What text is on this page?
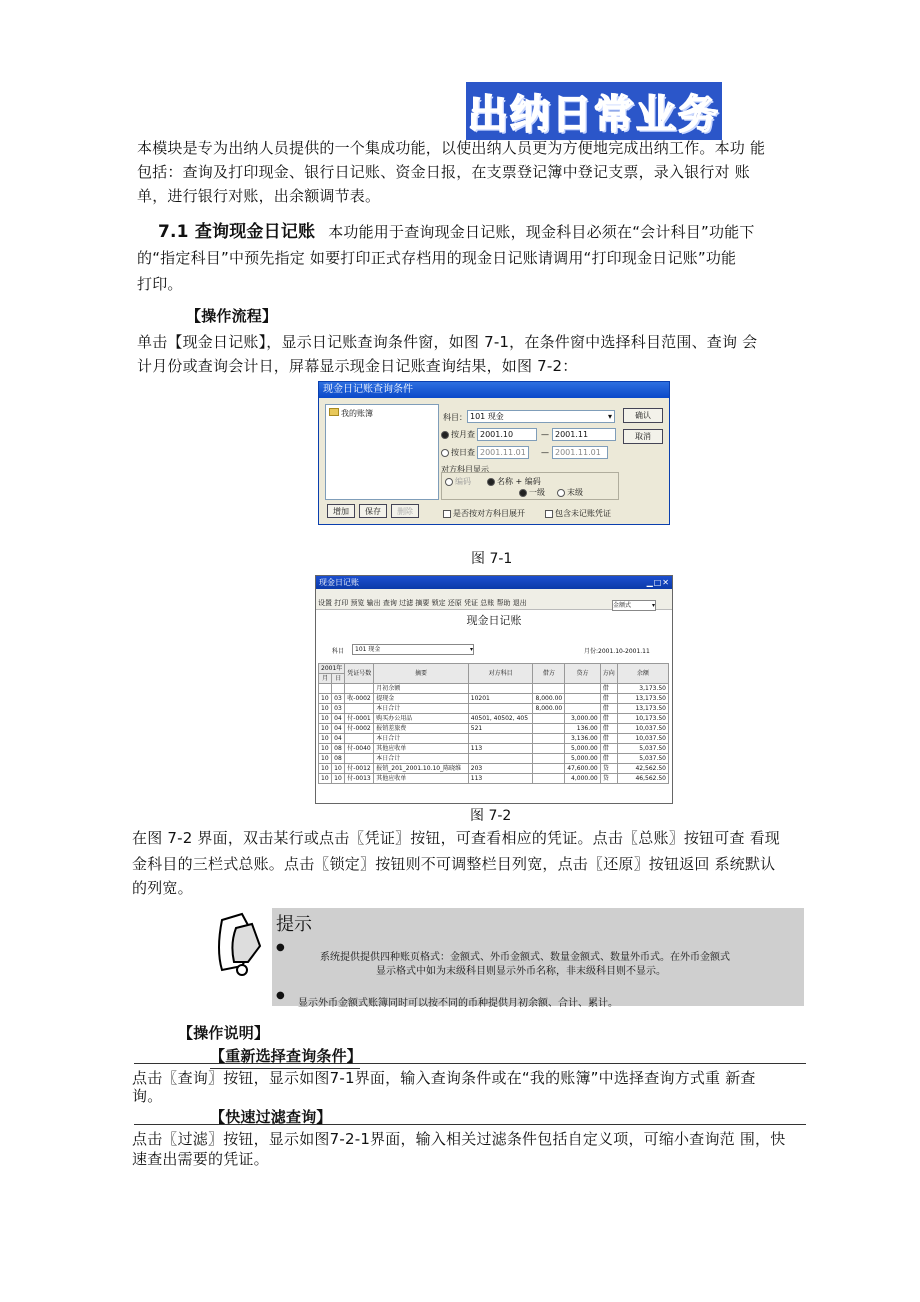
出纳日常业务
本模块是专为出纳人员提供的一个集成功能，以使出纳人员更为方便地完成出纳工作。本功 能
包括：查询及打印现金、银行日记账、资金日报，在支票登记簿中登记支票，录入银行对 账
单，进行银行对账，出余额调节表。
7.1 查询现金日记账 本功能用于查询现金日记账，现金科目必须在“会计科目”功能下
的“指定科目”中预先指定 如要打印正式存档用的现金日记账请调用“打印现金日记账”功能
打印。
【操作流程】
单击【现金日记账】，显示日记账查询条件窗，如图 7-1，在条件窗中选择科目范围、查询 会
计月份或查询会计日，屏幕显示现金日记账查询结果，如图 7-2：
现金日记账查询条件
我的账簿	科目： 101 现金	▾	确认
取消
按月查 2001.10	— 2001.11
按日查 2001.11.01	— 2001.11.01
对方科目显示
编码	名称 + 编码
一级	末级
是否按对方科目展开	包含未记账凭证
增加	保存	删除
图 7-1
现金日记账	▁□✕
设置 打印 预览 输出 查询 过滤 摘要 锁定 还原 凭证 总账 帮助 退出	金额式	▾
现金日记账
科目	101 现金	▾	月份:2001.10-2001.11
2001年		凭证号数	摘要	对方科目	借方	贷方	方向	余额
月	日							
			月初余额				借	3,173.50
10	03	收-0002	提现金	10201	8,000.00		借	13,173.50
10	03		本日合计		8,000.00		借	13,173.50
10	04	付-0001	购买办公用品	40501, 40502, 405		3,000.00	借	10,173.50
10	04	付-0002	报销差旅费	521		136.00	借	10,037.50
10	04		本日合计			3,136.00	借	10,037.50
10	08	付-0040	其他应收单	113		5,000.00	借	5,037.50
10	08		本日合计			5,000.00	借	5,037.50
10	10	付-0012	报销_201_2001.10.10_陈晓维	203		47,600.00	贷	42,562.50
10	10	付-0013	其他应收单	113		4,000.00	贷	46,562.50
图 7-2
在图 7-2 界面，双击某行或点击〖凭证〗按钮，可查看相应的凭证。点击〖总账〗按钮可查 看现
金科目的三栏式总账。点击〖锁定〗按钮则不可调整栏目列宽，点击〖还原〗按钮返回 系统默认
的列宽。
提示
●
系统提供提供四种账页格式：金额式、外币金额式、数量金额式、数量外币式。在外币金额式
显示格式中如为末级科目则显示外币名称，非末级科目则不显示。
●
显示外币金额式账簿同时可以按不同的币种提供月初余额、合计、累计。
【操作说明】
【重新选择查询条件】
点击〖查询〗按钮，显示如图7-1界面，输入查询条件或在“我的账簿”中选择查询方式重 新查
询。
【快速过滤查询】
点击〖过滤〗按钮，显示如图7-2-1界面，输入相关过滤条件包括自定义项，可缩小查询范 围，快
速查出需要的凭证。
